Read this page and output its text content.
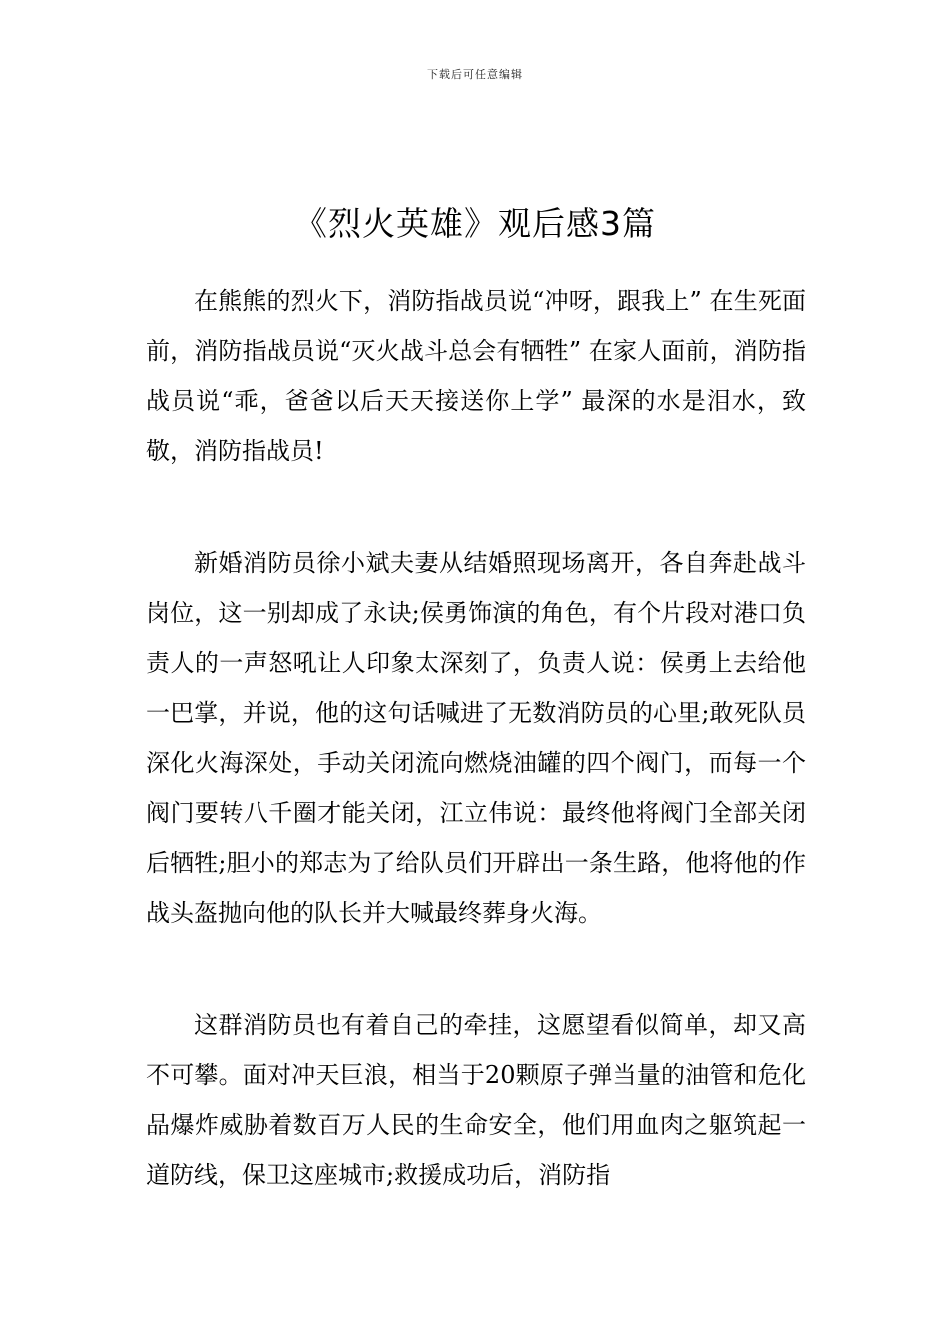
下载后可任意编辑
《烈火英雄》观后感3篇

在熊熊的烈火下，消防指战员说“冲呀，跟我上” 在生死面前，消防指战员说“灭火战斗总会有牺牲” 在家人面前，消防指战员说“乖，爸爸以后天天接送你上学” 最深的水是泪水，致敬，消防指战员!

新婚消防员徐小斌夫妻从结婚照现场离开，各自奔赴战斗岗位，这一别却成了永诀;侯勇饰演的角色，有个片段对港口负责人的一声怒吼让人印象太深刻了，负责人说：侯勇上去给他一巴掌，并说，他的这句话喊进了无数消防员的心里;敢死队员深化火海深处，手动关闭流向燃烧油罐的四个阀门，而每一个阀门要转八千圈才能关闭，江立伟说：最终他将阀门全部关闭后牺牲;胆小的郑志为了给队员们开辟出一条生路，他将他的作战头盔抛向他的队长并大喊最终葬身火海。

这群消防员也有着自己的牵挂，这愿望看似简单，却又高不可攀。面对冲天巨浪，相当于20颗原子弹当量的油管和危化品爆炸威胁着数百万人民的生命安全，他们用血肉之躯筑起一道防线，保卫这座城市;救援成功后，消防指
